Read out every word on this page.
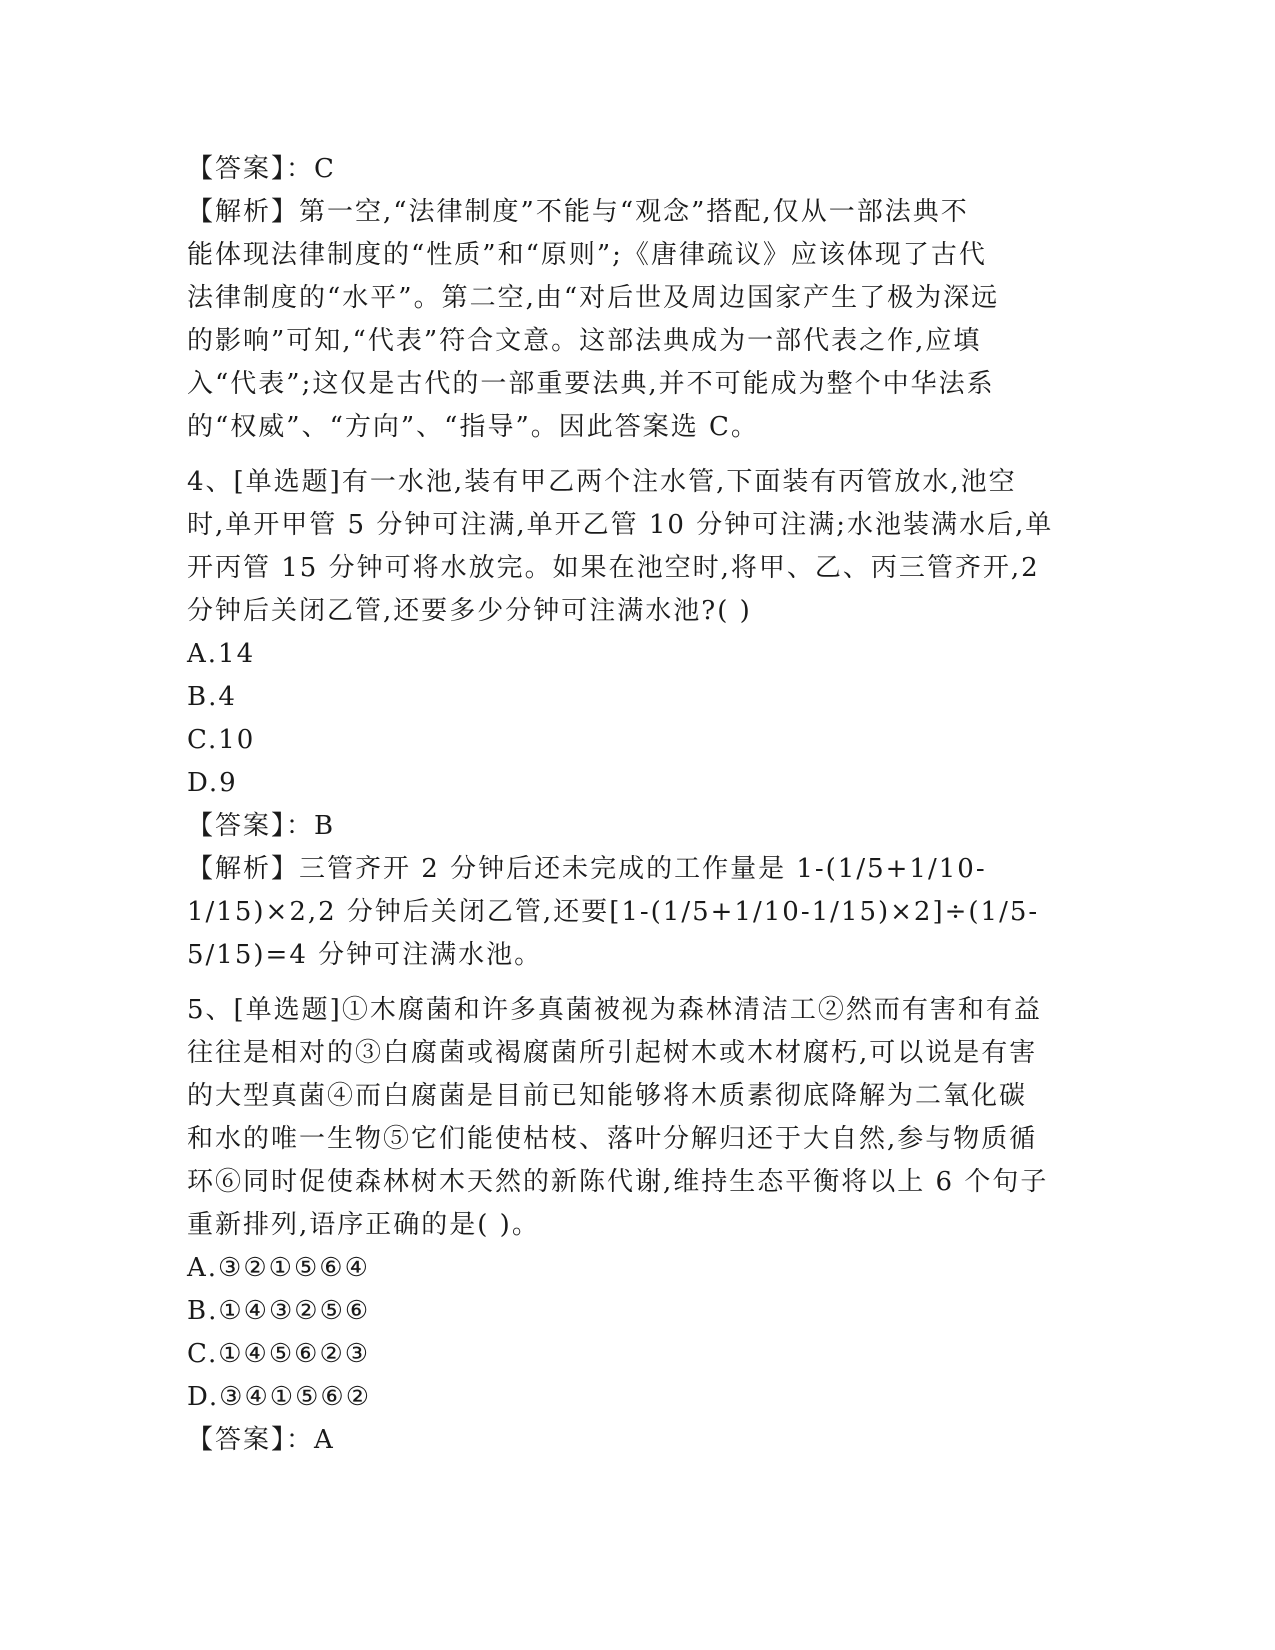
【答案】：C
【解析】第一空,“法律制度”不能与“观念”搭配,仅从一部法典不
能体现法律制度的“性质”和“原则”;《唐律疏议》应该体现了古代
法律制度的“水平”。第二空,由“对后世及周边国家产生了极为深远
的影响”可知,“代表”符合文意。这部法典成为一部代表之作,应填
入“代表”;这仅是古代的一部重要法典,并不可能成为整个中华法系
的“权威”、“方向”、“指导”。因此答案选 C。
4、[单选题]有一水池,装有甲乙两个注水管,下面装有丙管放水,池空
时,单开甲管 5 分钟可注满,单开乙管 10 分钟可注满;水池装满水后,单
开丙管 15 分钟可将水放完。如果在池空时,将甲、乙、丙三管齐开,2
分钟后关闭乙管,还要多少分钟可注满水池?( )
A.14
B.4
C.10
D.9
【答案】：B
【解析】三管齐开 2 分钟后还未完成的工作量是 1-(1/5+1/10-
1/15)×2,2 分钟后关闭乙管,还要[1-(1/5+1/10-1/15)×2]÷(1/5-
5/15)=4 分钟可注满水池。
5、[单选题]①木腐菌和许多真菌被视为森林清洁工②然而有害和有益
往往是相对的③白腐菌或褐腐菌所引起树木或木材腐朽,可以说是有害
的大型真菌④而白腐菌是目前已知能够将木质素彻底降解为二氧化碳
和水的唯一生物⑤它们能使枯枝、落叶分解归还于大自然,参与物质循
环⑥同时促使森林树木天然的新陈代谢,维持生态平衡将以上 6 个句子
重新排列,语序正确的是( )。
A.③②①⑤⑥④
B.①④③②⑤⑥
C.①④⑤⑥②③
D.③④①⑤⑥②
【答案】：A
